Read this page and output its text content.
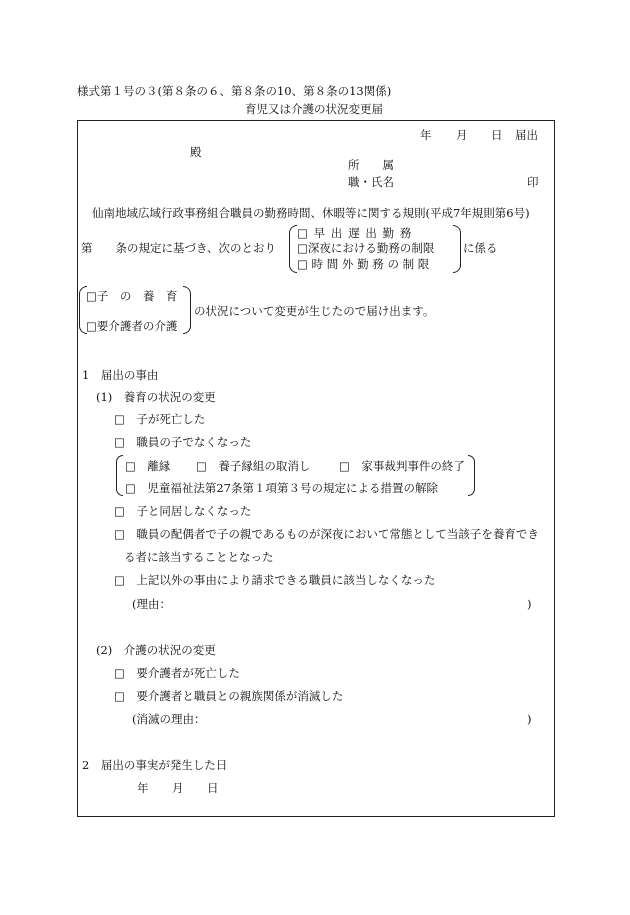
様式第１号の３(第８条の６、第８条の10、第８条の13関係)
育児又は介護の状況変更届
年 月 日 届出
殿
所　　属
職・氏名	印
仙南地域広域行政事務組合職員の勤務時間、休暇等に関する規則(平成7年規則第6号)
第　　条の規定に基づき、次のとおり
□早出遅出勤務
□深夜における勤務の制限
□時間外勤務の制限
に係る
□子　の　養　育
□要介護者の介護
の状況について変更が生じたので届け出ます。
1　届出の事由
(1)　養育の状況の変更
□　子が死亡した
□　職員の子でなくなった
□　離縁 □　養子縁組の取消し □　家事裁判事件の終了
□　児童福祉法第27条第１項第３号の規定による措置の解除
□　子と同居しなくなった
□　職員の配偶者で子の親であるものが深夜において常態として当該子を養育でき
る者に該当することとなった
□　上記以外の事由により請求できる職員に該当しなくなった
(理由：	)
(2)　介護の状況の変更
□　要介護者が死亡した
□　要介護者と職員との親族関係が消滅した
(消滅の理由：	)
2　届出の事実が発生した日
年 月 日
